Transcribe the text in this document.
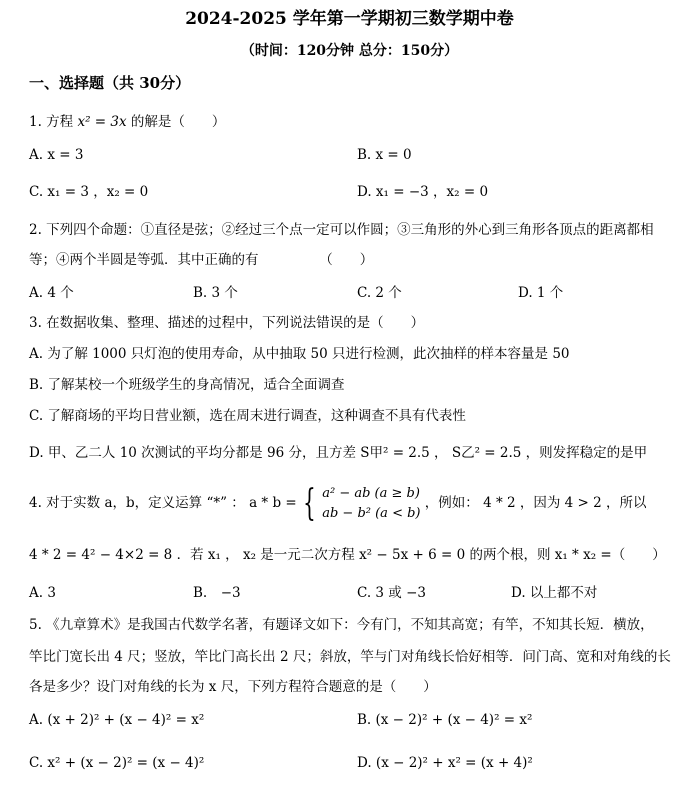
2024-2025 学年第一学期初三数学期中卷
（时间：120分钟 总分：150分）
一、选择题（共 30分）
1. 方程 x² = 3x 的解是（　　）
A. x = 3	B. x = 0
C. x₁ = 3 ，x₂ = 0	D. x₁ = −3 ，x₂ = 0
2. 下列四个命题：①直径是弦；②经过三个点一定可以作圆；③三角形的外心到三角形各顶点的距离都相
等；④两个半圆是等弧．其中正确的有　　　　　（　　）
A. 4 个	B. 3 个	C. 2 个	D. 1 个
3. 在数据收集、整理、描述的过程中，下列说法错误的是（　　）
A. 为了解 1000 只灯泡的使用寿命，从中抽取 50 只进行检测，此次抽样的样本容量是 50
B. 了解某校一个班级学生的身高情况，适合全面调查
C. 了解商场的平均日营业额，选在周末进行调查，这种调查不具有代表性
D. 甲、乙二人 10 次测试的平均分都是 96 分，且方差 S甲² = 2.5 ， S乙² = 2.5 ，则发挥稳定的是甲
4. 对于实数 a，b，定义运算 “*” ： a * b = { a² − ab (a ≥ b)
ab − b² (a < b)
，例如： 4 * 2 ，因为 4 > 2 ，所以
4 * 2 = 4² − 4×2 = 8 ．若 x₁ ， x₂ 是一元二次方程 x² − 5x + 6 = 0 的两个根，则 x₁ * x₂ =（　　）
A. 3	B.　−3	C. 3 或 −3	D. 以上都不对
5. 《九章算术》是我国古代数学名著，有题译文如下：今有门，不知其高宽；有竿，不知其长短．横放，
竿比门宽长出 4 尺；竖放，竿比门高长出 2 尺；斜放，竿与门对角线长恰好相等．问门高、宽和对角线的长
各是多少？设门对角线的长为 x 尺，下列方程符合题意的是（　　）
A. (x + 2)² + (x − 4)² = x²	B. (x − 2)² + (x − 4)² = x²
C. x² + (x − 2)² = (x − 4)²	D. (x − 2)² + x² = (x + 4)²
